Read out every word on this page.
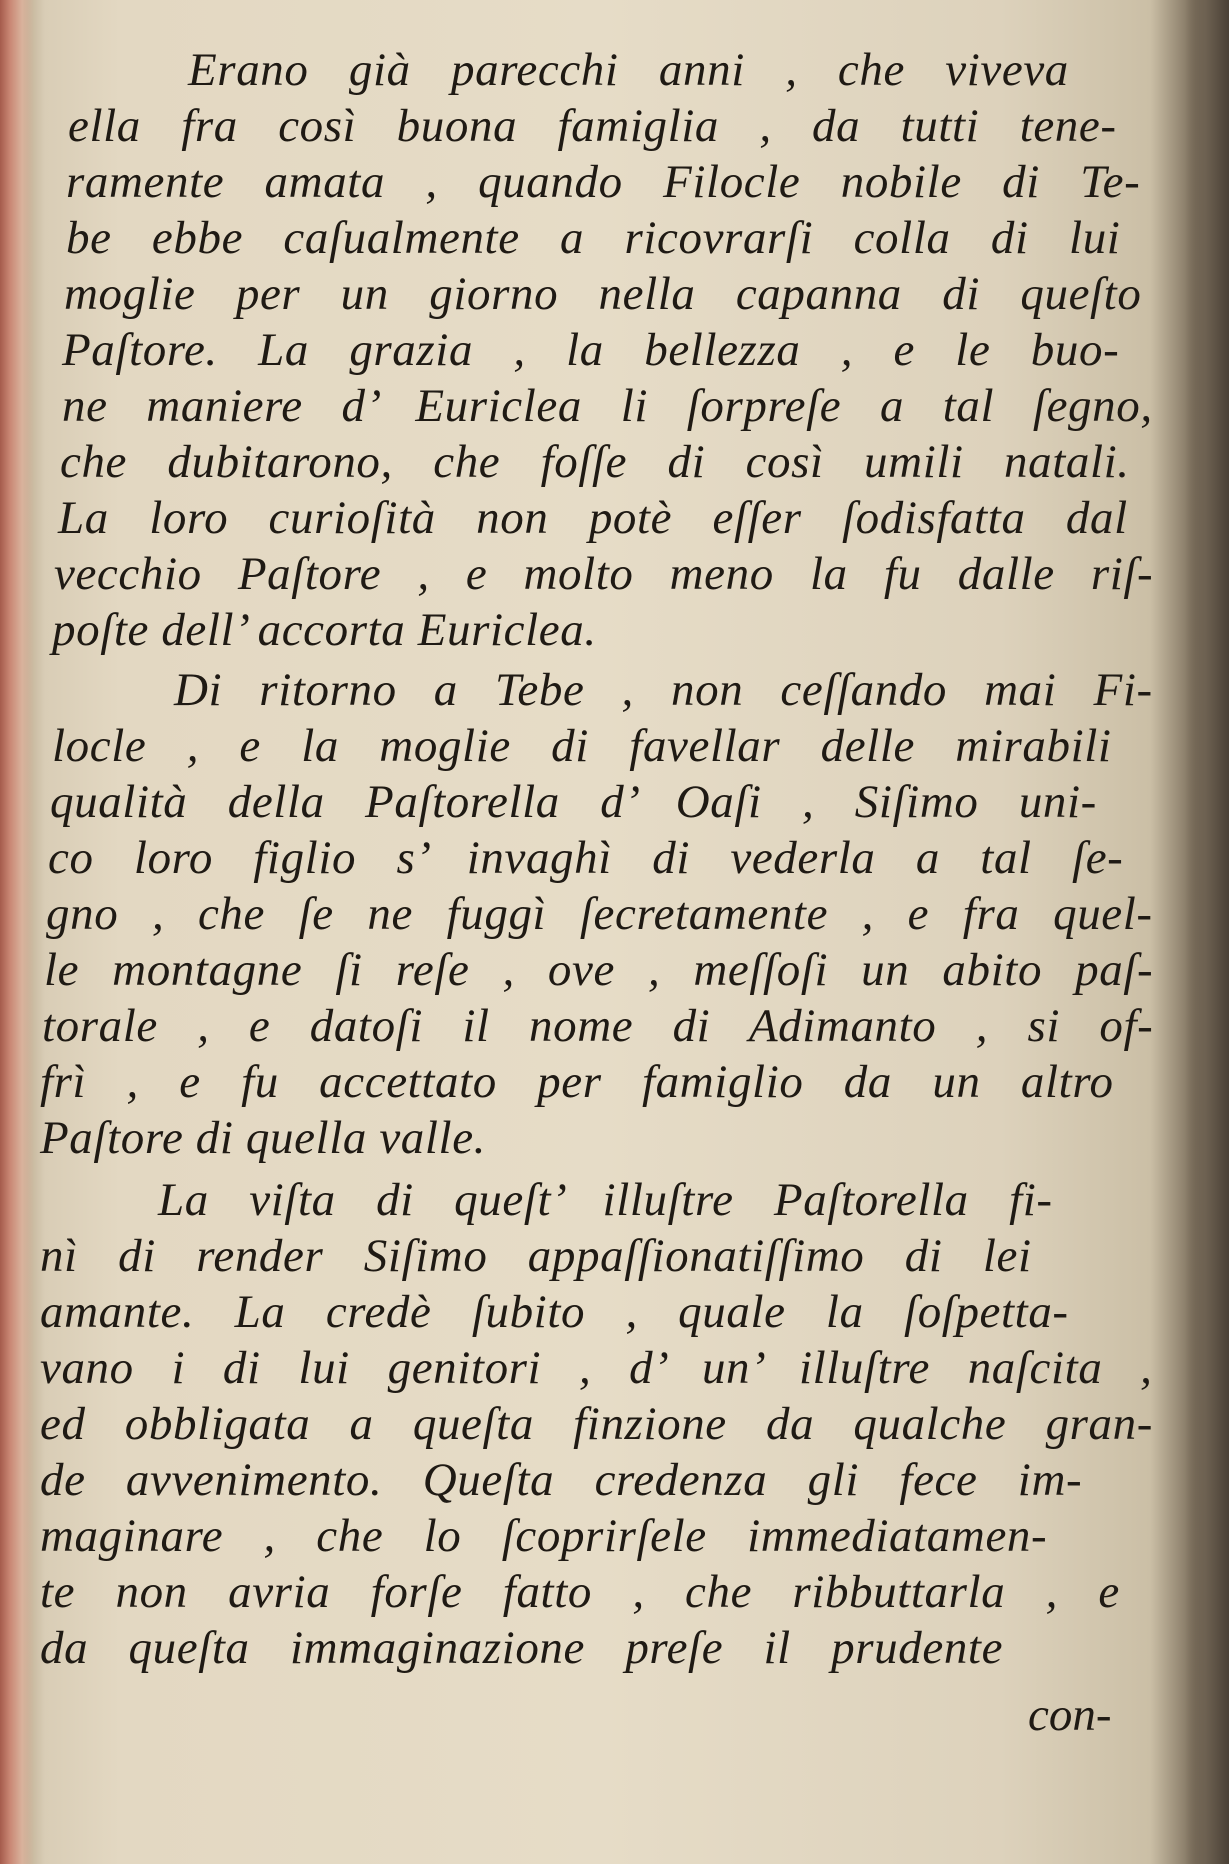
Erano già parecchi anni , che viveva
ella fra così buona famiglia , da tutti tene-
ramente amata , quando Filocle nobile di Te-
be ebbe caſualmente a ricovrarſi colla di lui
moglie per un giorno nella capanna di queſto
Paſtore. La grazia , la bellezza , e le buo-
ne maniere d’ Euriclea li ſorpreſe a tal ſegno,
che dubitarono, che foſſe di così umili natali.
La loro curioſità non potè eſſer ſodisfatta dal
vecchio Paſtore , e molto meno la fu dalle riſ-
poſte dell’ accorta Euriclea.
Di ritorno a Tebe , non ceſſando mai Fi-
locle , e la moglie di favellar delle mirabili
qualità della Paſtorella d’ Oaſi , Siſimo uni-
co loro figlio s’ invaghì di vederla a tal ſe-
gno , che ſe ne fuggì ſecretamente , e fra quel-
le montagne ſi reſe , ove , meſſoſi un abito paſ-
torale , e datoſi il nome di Adimanto , si of-
frì , e fu accettato per famiglio da un altro
Paſtore di quella valle.
La viſta di queſt’ illuſtre Paſtorella fi-
nì di render Siſimo appaſſionatiſſimo di lei
amante. La credè ſubito , quale la ſoſpetta-
vano i di lui genitori , d’ un’ illuſtre naſcita ,
ed obbligata a queſta finzione da qualche gran-
de avvenimento. Queſta credenza gli fece im-
maginare , che lo ſcoprirſele immediatamen-
te non avria forſe fatto , che ribbuttarla , e
da queſta immaginazione preſe il prudente
con-
